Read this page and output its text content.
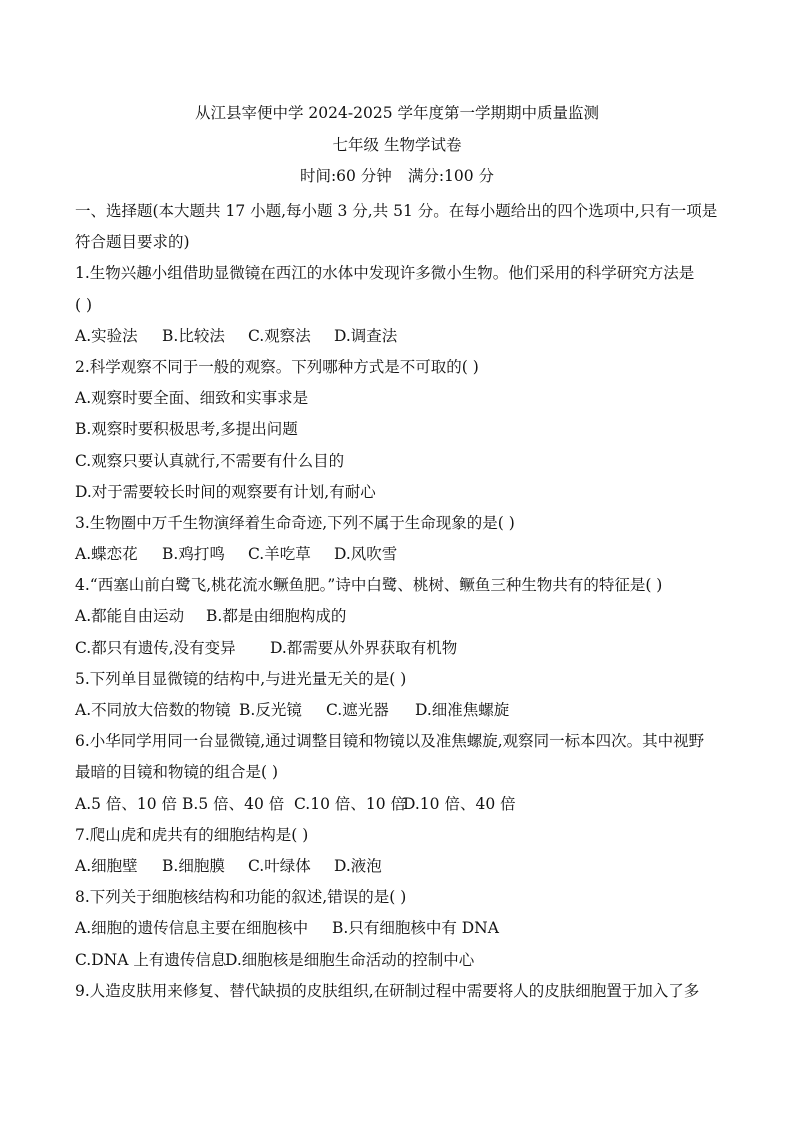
从江县宰便中学 2024-2025 学年度第一学期期中质量监测
七年级 生物学试卷
时间:60 分钟 满分:100 分
一、选择题(本大题共 17 小题,每小题 3 分,共 51 分。在每小题给出的四个选项中,只有一项是
符合题目要求的)
1.生物兴趣小组借助显微镜在西江的水体中发现许多微小生物。他们采用的科学研究方法是
( )
A.实验法 B.比较法 C.观察法 D.调查法
2.科学观察不同于一般的观察。下列哪种方式是不可取的( )
A.观察时要全面、细致和实事求是
B.观察时要积极思考,多提出问题
C.观察只要认真就行,不需要有什么目的
D.对于需要较长时间的观察要有计划,有耐心
3.生物圈中万千生物演绎着生命奇迹,下列不属于生命现象的是( )
A.蝶恋花 B.鸡打鸣 C.羊吃草 D.风吹雪
4.“西塞山前白鹭飞,桃花流水鳜鱼肥。”诗中白鹭、桃树、鳜鱼三种生物共有的特征是( )
A.都能自由运动 B.都是由细胞构成的
C.都只有遗传,没有变异 D.都需要从外界获取有机物
5.下列单目显微镜的结构中,与进光量无关的是( )
A.不同放大倍数的物镜 B.反光镜 C.遮光器 D.细准焦螺旋
6.小华同学用同一台显微镜,通过调整目镜和物镜以及准焦螺旋,观察同一标本四次。其中视野
最暗的目镜和物镜的组合是( )
A.5 倍、10 倍 B.5 倍、40 倍 C.10 倍、10 倍D.10 倍、40 倍
7.爬山虎和虎共有的细胞结构是( )
A.细胞壁 B.细胞膜 C.叶绿体 D.液泡
8.下列关于细胞核结构和功能的叙述,错误的是( )
A.细胞的遗传信息主要在细胞核中 B.只有细胞核中有 DNA
C.DNA 上有遗传信息D.细胞核是细胞生命活动的控制中心
9.人造皮肤用来修复、替代缺损的皮肤组织,在研制过程中需要将人的皮肤细胞置于加入了多
